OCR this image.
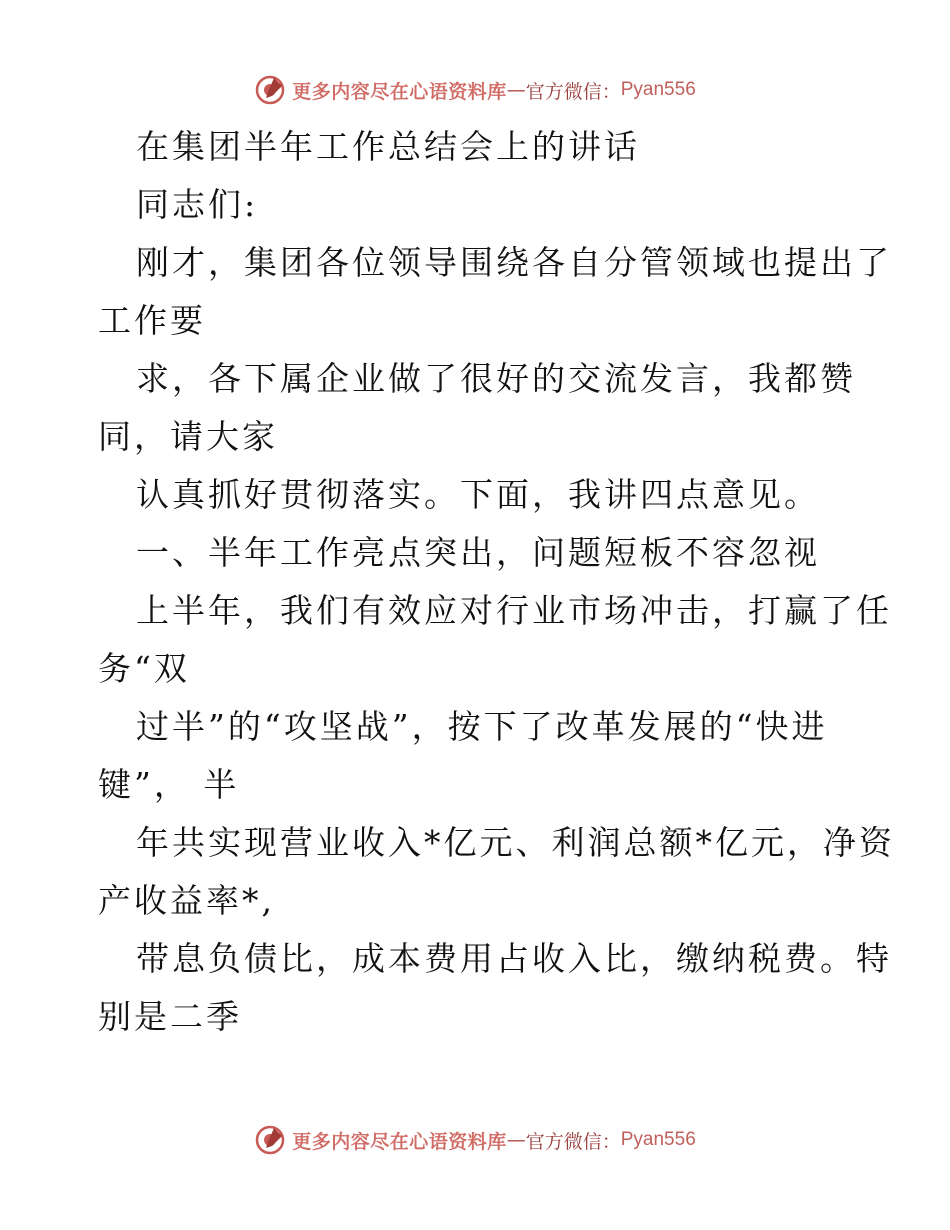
更多内容尽在心语资料库 — 官方微信： Pyan556
在集团半年工作总结会上的讲话
同志们:
刚才，集团各位领导围绕各自分管领域也提出了
工作要
求，各下属企业做了很好的交流发言，我都赞
同，请大家
认真抓好贯彻落实。下面，我讲四点意见。
一、半年工作亮点突出，问题短板不容忽视
上半年，我们有效应对行业市场冲击，打赢了任
务“双
过半”的“攻坚战”，按下了改革发展的“快进
键”， 半
年共实现营业收入*亿元、利润总额*亿元，净资
产收益率*,
带息负债比，成本费用占收入比，缴纳税费。特
别是二季
更多内容尽在心语资料库 — 官方微信： Pyan556
